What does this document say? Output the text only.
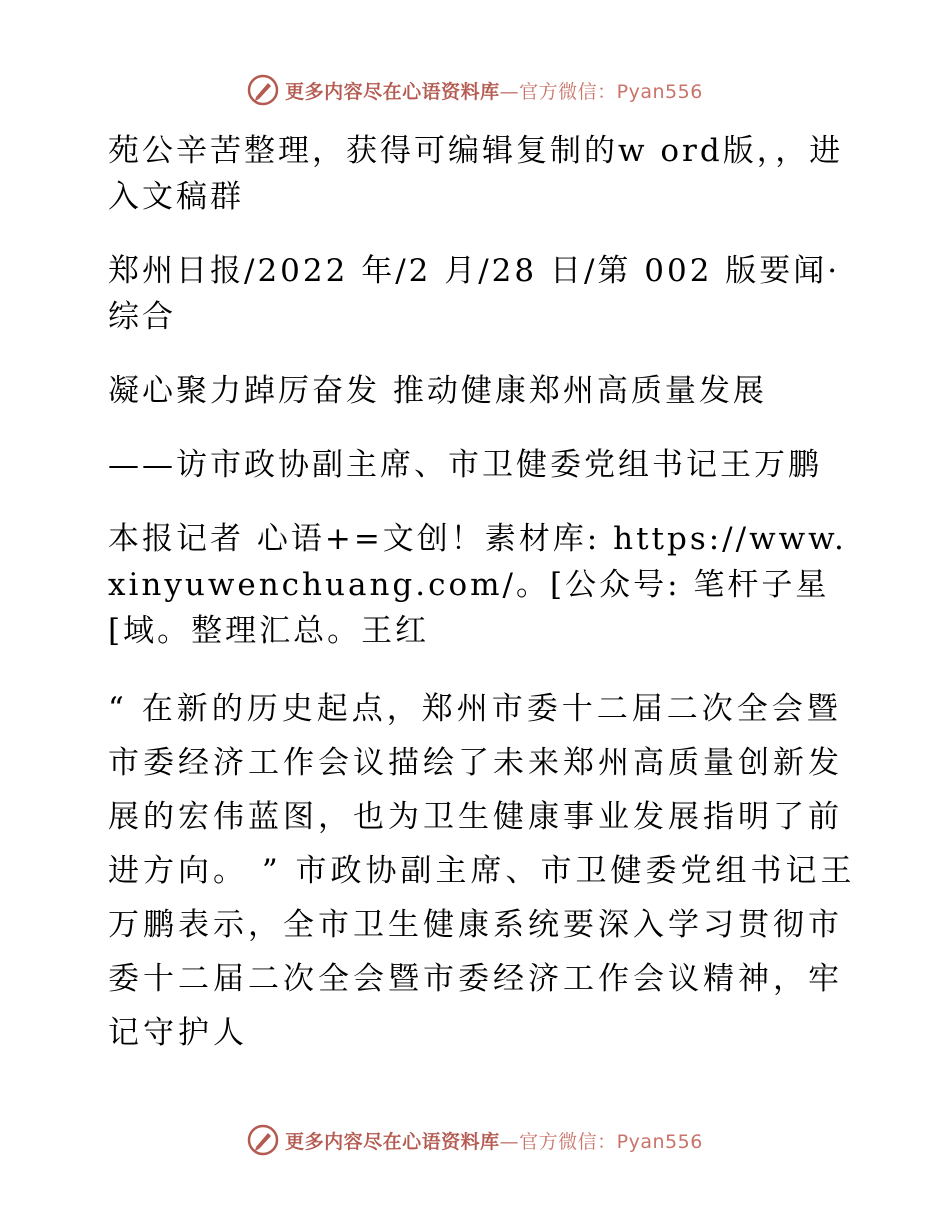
更多内容尽在心语资料库—官方微信：Pyan556

苑公辛苦整理，获得可编辑复制的w ord版，，进入文稿群

郑州日报/2022 年/2 月/28 日/第 002 版要闻·综合

凝心聚力踔厉奋发 推动健康郑州高质量发展

——访市政协副主席、市卫健委党组书记王万鹏

本报记者 心语+=文创！素材库: https://www.xinyuwenchuang.com/。[公众号: 笔杆子星[域。整理汇总。王红

“ 在新的历史起点，郑州市委十二届二次全会暨市委经济工作会议描绘了未来郑州高质量创新发展的宏伟蓝图，也为卫生健康事业发展指明了前进方向。 ” 市政协副主席、市卫健委党组书记王万鹏表示，全市卫生健康系统要深入学习贯彻市委十二届二次全会暨市委经济工作会议精神，牢记守护人

更多内容尽在心语资料库—官方微信：Pyan556
